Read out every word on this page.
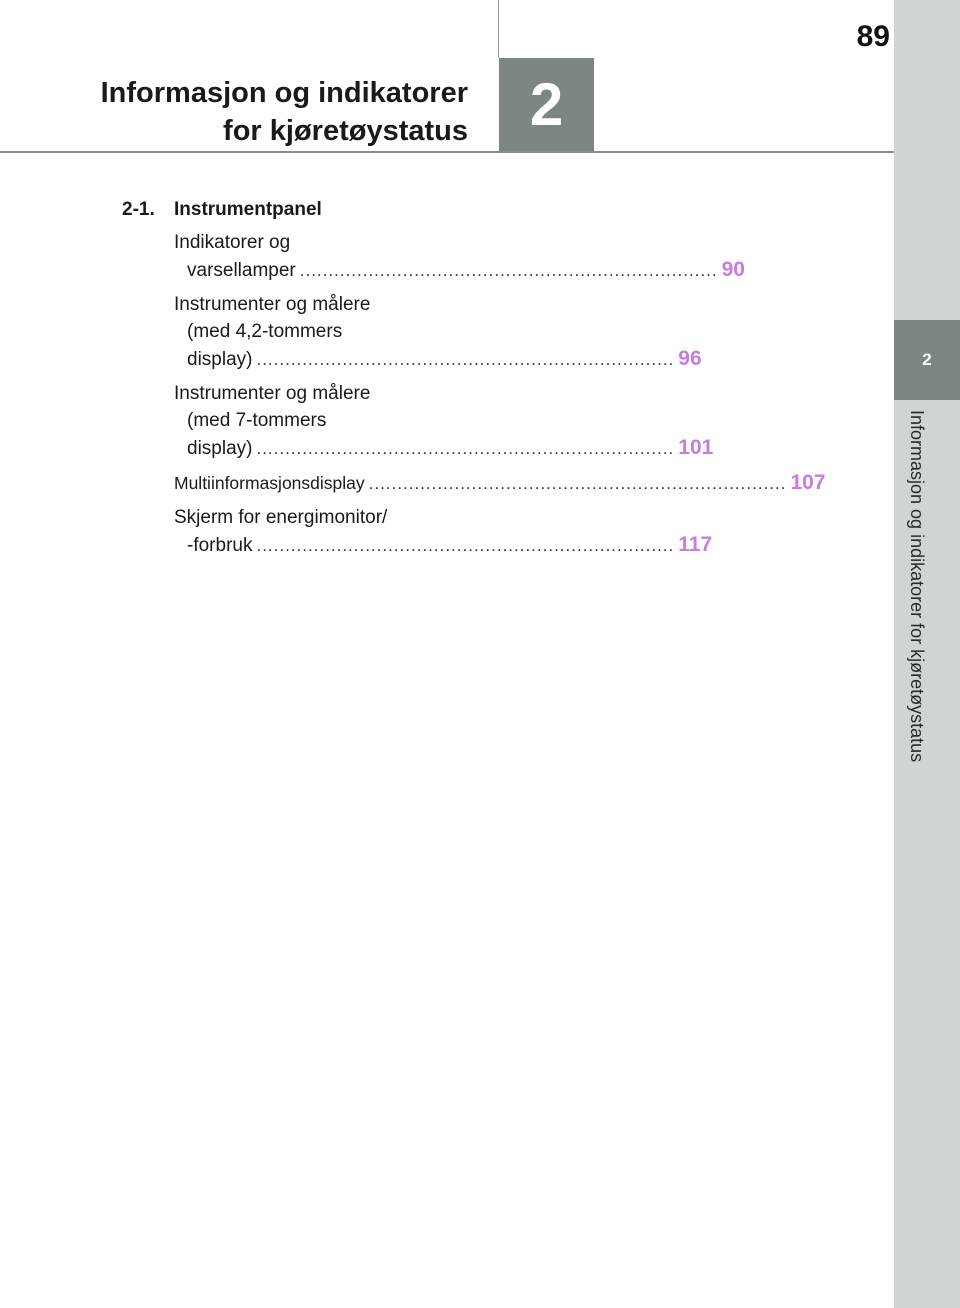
89
2
Informasjon og indikatorer
for kjøretøystatus
2
Informasjon og indikatorer for kjøretøystatus
2-1.	Instrumentpanel
Indikatorer og
varsellamper ......................................................................... 90
Instrumenter og målere
(med 4,2-tommers
display) ......................................................................... 96
Instrumenter og målere
(med 7-tommers
display) ......................................................................... 101
Multiinformasjonsdisplay ......................................................................... 107
Skjerm for energimonitor/
-forbruk ......................................................................... 117
